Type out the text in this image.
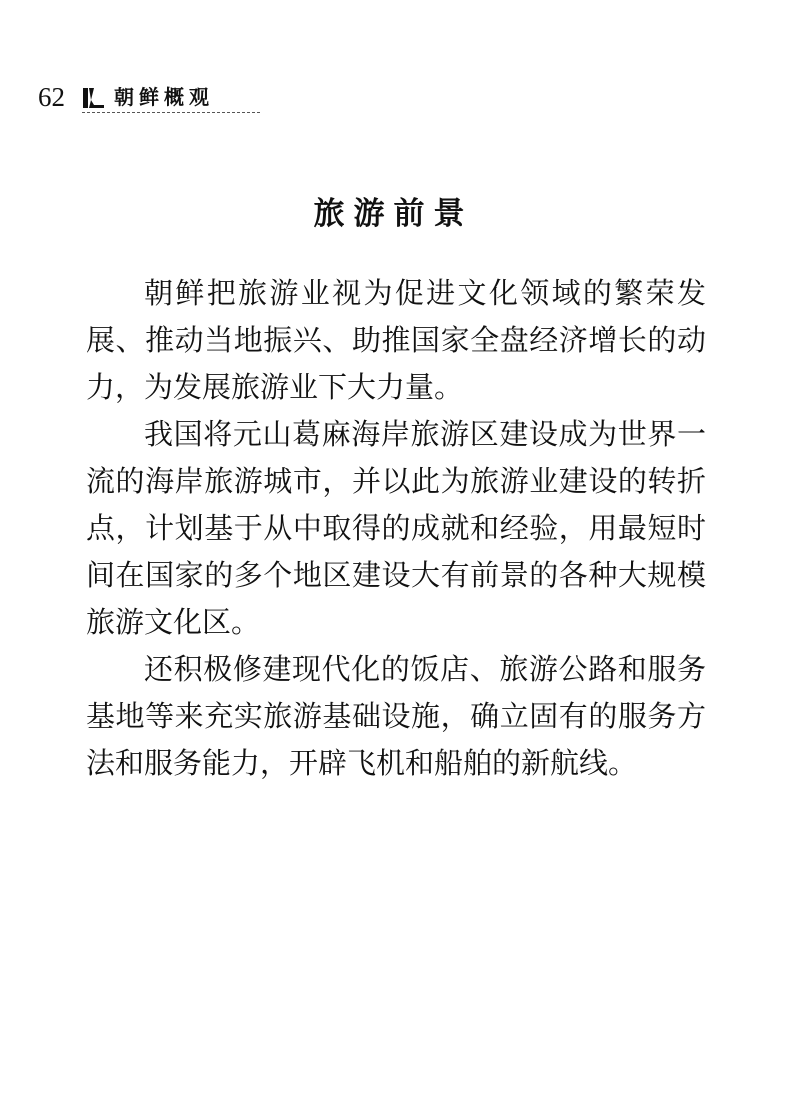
62 朝鲜概观
旅游前景

朝鲜把旅游业视为促进文化领域的繁荣发展、推动当地振兴、助推国家全盘经济增长的动力，为发展旅游业下大力量。

我国将元山葛麻海岸旅游区建设成为世界一流的海岸旅游城市，并以此为旅游业建设的转折点，计划基于从中取得的成就和经验，用最短时间在国家的多个地区建设大有前景的各种大规模旅游文化区。

还积极修建现代化的饭店、旅游公路和服务基地等来充实旅游基础设施，确立固有的服务方法和服务能力，开辟飞机和船舶的新航线。
